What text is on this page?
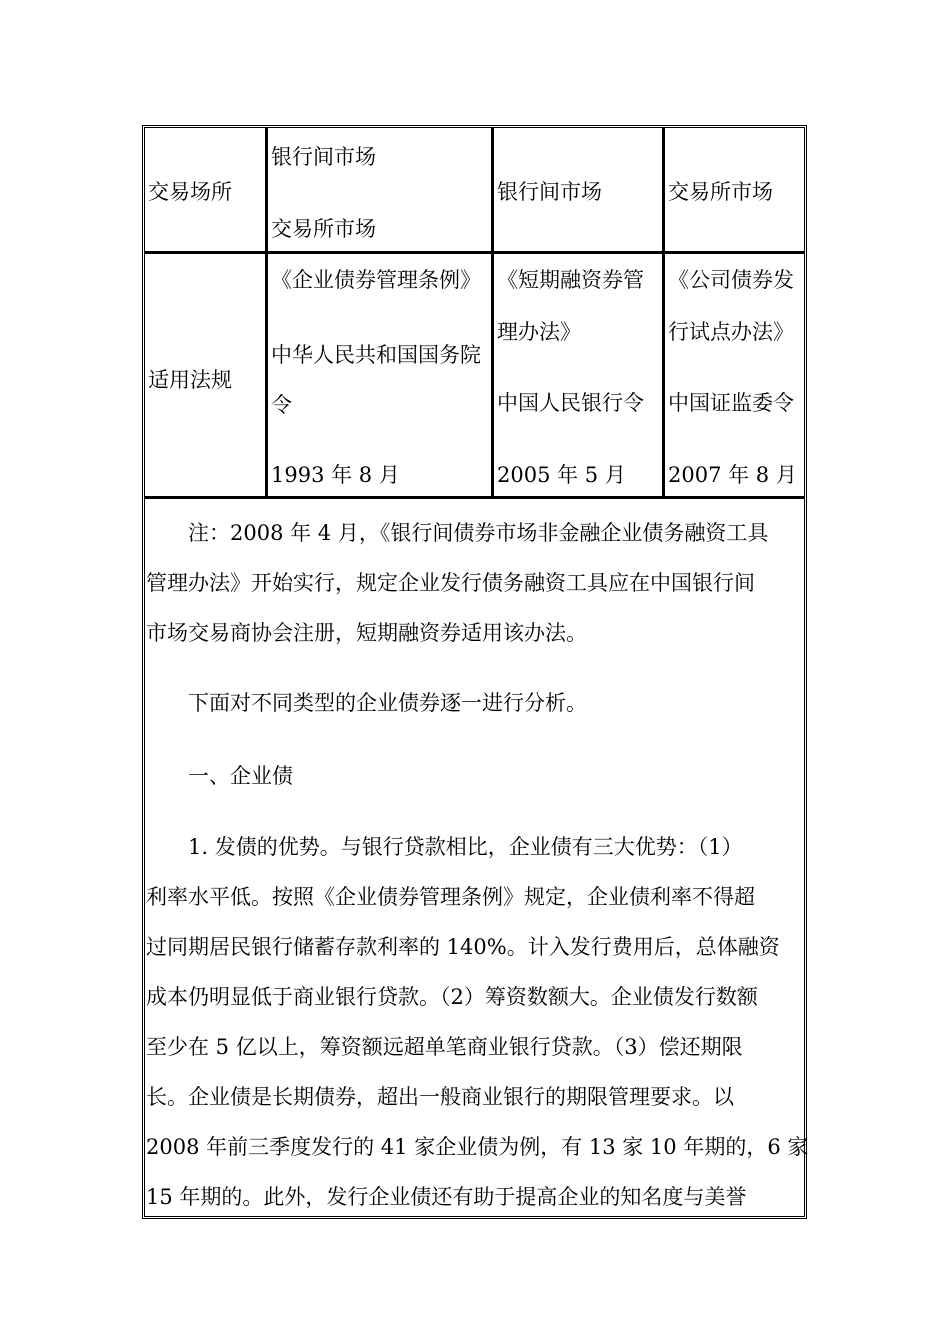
交易场所
银行间市场
交易所市场
银行间市场	交易所市场
适用法规
《企业债券管理条例》
中华人民共和国国务院
令
1993 年 8 月
《短期融资券管
理办法》
中国人民银行令
2005 年 5 月
《公司债券发
行试点办法》
中国证监委令
2007 年 8 月
　　注：2008 年 4 月，《银行间债券市场非金融企业债务融资工具
管理办法》开始实行，规定企业发行债务融资工具应在中国银行间
市场交易商协会注册，短期融资券适用该办法。
　　下面对不同类型的企业债券逐一进行分析。
　　一、企业债
　　1. 发债的优势。与银行贷款相比，企业债有三大优势：（1）
利率水平低。按照《企业债券管理条例》规定，企业债利率不得超
过同期居民银行储蓄存款利率的 140%。计入发行费用后，总体融资
成本仍明显低于商业银行贷款。（2）筹资数额大。企业债发行数额
至少在 5 亿以上，筹资额远超单笔商业银行贷款。（3）偿还期限
长。企业债是长期债券，超出一般商业银行的期限管理要求。以
2008 年前三季度发行的 41 家企业债为例，有 13 家 10 年期的，6 家
15 年期的。此外，发行企业债还有助于提高企业的知名度与美誉
